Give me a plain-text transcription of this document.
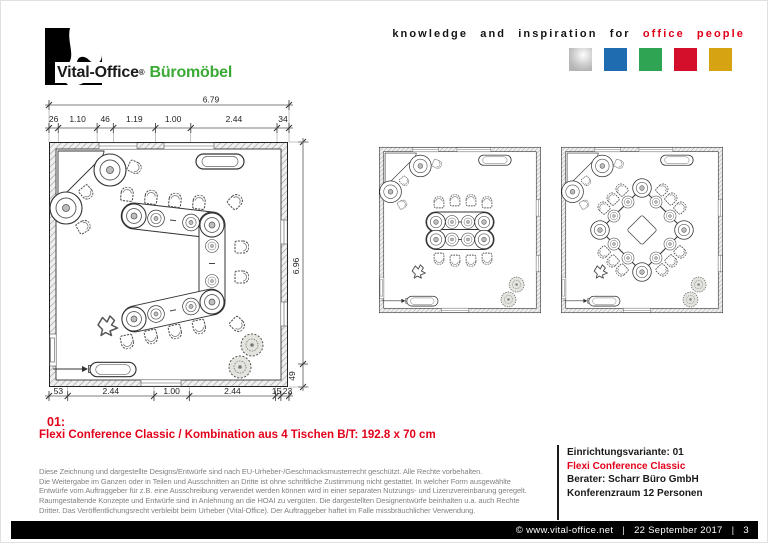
Vital-Office ® Büromöbel
knowledge and inspiration for office people
6.79
26 1.10 46 1.19	1.00	2.44	34
53	2.44	1.00	2.44	15 23
6.96
49
01:
Flexi Conference Classic / Kombination aus 4 Tischen B/T: 192.8 x 70 cm
Diese Zeichnung und dargestellte Designs/Entwürfe sind nach EU-Urheber-/Geschmacksmusterrecht geschützt. Alle Rechte vorbehalten.
Die Weitergabe im Ganzen oder in Teilen und Ausschnitten an Dritte ist ohne schriftliche Zustimmung nicht gestattet. In welcher Form ausgewählte
Entwürfe vom Auftraggeber für z.B. eine Ausschreibung verwendet werden können wird in einer separaten Nutzungs- und Lizenzvereinbarung geregelt.
Raumgestaltende Konzepte und Entwürfe sind in Anlehnung an die HOAI zu vergüten. Die dargestellten Designentwürfe beinhalten u.a. auch Rechte
Dritter. Das Veröffentlichungsrecht verbleibt beim Urheber (Vital-Office). Der Auftraggeber haftet im Falle missbräuchlicher Verwendung.
Einrichtungsvariante: 01
Flexi Conference Classic
Berater: Scharr Büro GmbH
Konferenzraum 12 Personen
© www.vital-office.net | 22 September 2017 | 3
